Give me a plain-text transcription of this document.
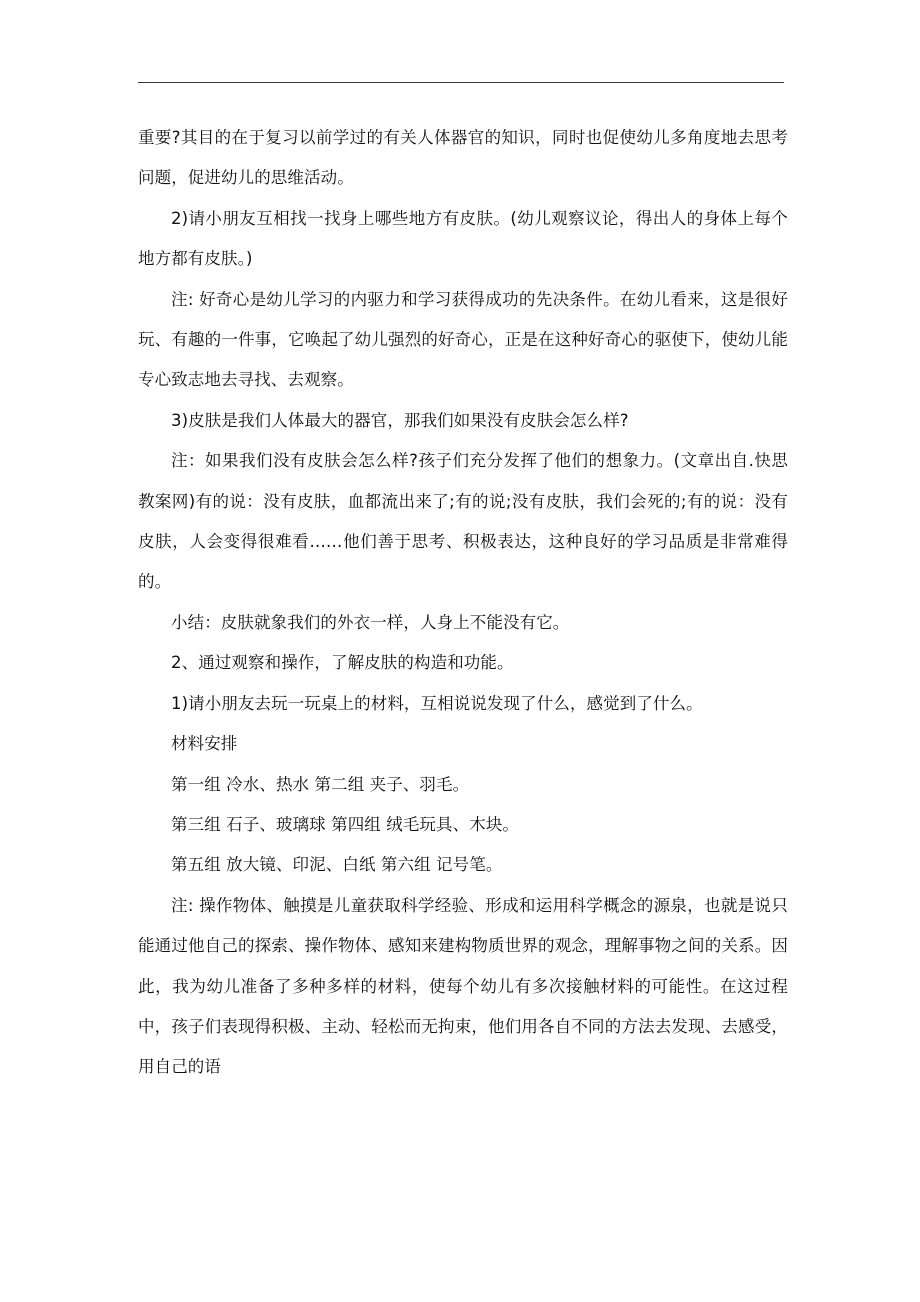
重要?其目的在于复习以前学过的有关人体器官的知识，同时也促使幼儿多角度地去思考问题，促进幼儿的思维活动。

2)请小朋友互相找一找身上哪些地方有皮肤。(幼儿观察议论，得出人的身体上每个地方都有皮肤。)

注: 好奇心是幼儿学习的内驱力和学习获得成功的先决条件。在幼儿看来，这是很好玩、有趣的一件事，它唤起了幼儿强烈的好奇心，正是在这种好奇心的驱使下，使幼儿能专心致志地去寻找、去观察。

3)皮肤是我们人体最大的器官，那我们如果没有皮肤会怎么样?

注：如果我们没有皮肤会怎么样?孩子们充分发挥了他们的想象力。(文章出自.快思教案网)有的说：没有皮肤，血都流出来了;有的说;没有皮肤，我们会死的;有的说：没有皮肤，人会变得很难看……他们善于思考、积极表达，这种良好的学习品质是非常难得的。

小结：皮肤就象我们的外衣一样，人身上不能没有它。

2、通过观察和操作，了解皮肤的构造和功能。

1)请小朋友去玩一玩桌上的材料，互相说说发现了什么，感觉到了什么。

材料安排

第一组 冷水、热水 第二组 夹子、羽毛。

第三组 石子、玻璃球 第四组 绒毛玩具、木块。

第五组 放大镜、印泥、白纸 第六组 记号笔。

注: 操作物体、触摸是儿童获取科学经验、形成和运用科学概念的源泉，也就是说只能通过他自己的探索、操作物体、感知来建构物质世界的观念，理解事物之间的关系。因此，我为幼儿准备了多种多样的材料，使每个幼儿有多次接触材料的可能性。在这过程中，孩子们表现得积极、主动、轻松而无拘束，他们用各自不同的方法去发现、去感受，用自己的语
